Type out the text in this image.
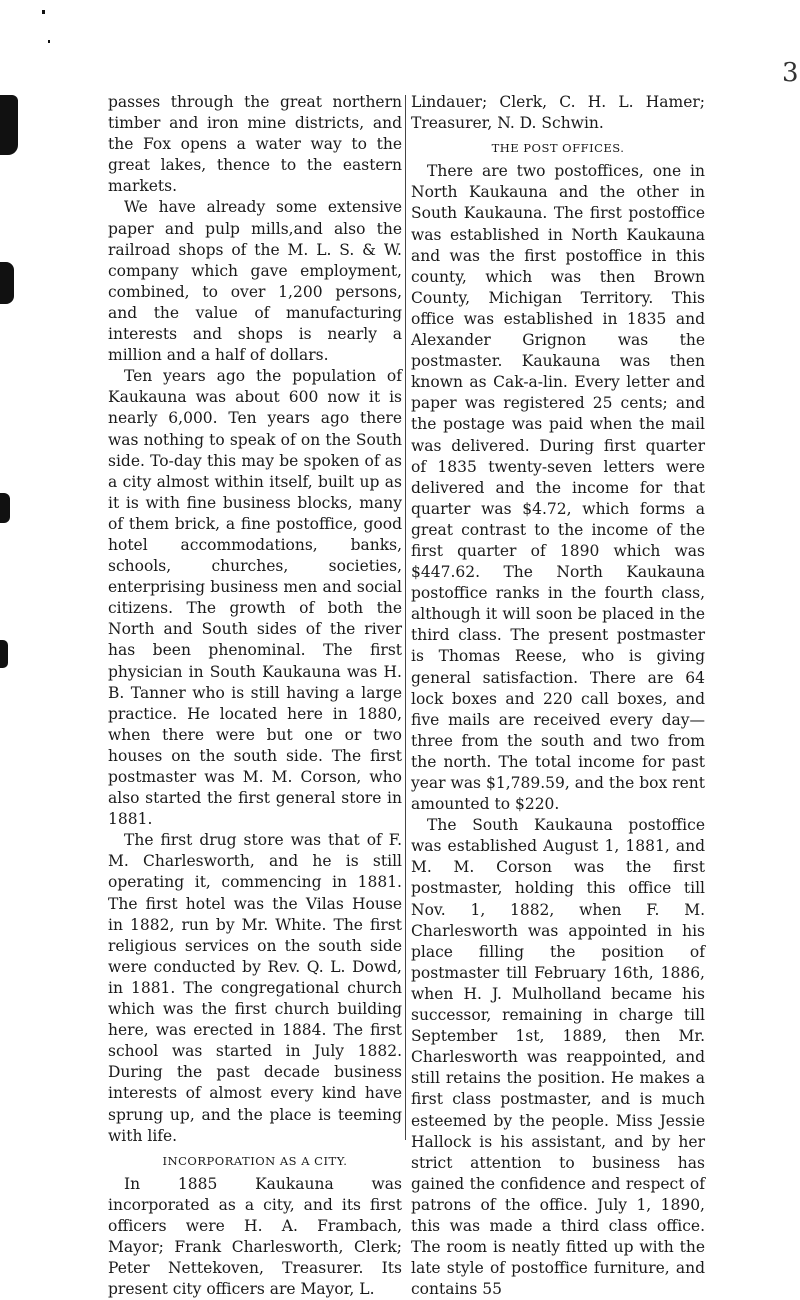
3

passes through the great northern timber and iron mine districts, and the Fox opens a water way to the great lakes, thence to the eastern markets.

We have already some extensive paper and pulp mills,and also the railroad shops of the M. L. S. & W. company which gave employment, combined, to over 1,200 persons, and the value of manufacturing interests and shops is nearly a million and a half of dollars.

Ten years ago the population of Kaukauna was about 600 now it is nearly 6,000. Ten years ago there was nothing to speak of on the South side. To-day this may be spoken of as a city almost within itself, built up as it is with fine business blocks, many of them brick, a fine postoffice, good hotel accommodations, banks, schools, churches, societies, enterprising business men and social citizens. The growth of both the North and South sides of the river has been phenominal. The first physician in South Kaukauna was H. B. Tanner who is still having a large practice. He located here in 1880, when there were but one or two houses on the south side. The first postmaster was M. M. Corson, who also started the first general store in 1881.

The first drug store was that of F. M. Charlesworth, and he is still operating it, commencing in 1881. The first hotel was the Vilas House in 1882, run by Mr. White. The first religious services on the south side were conducted by Rev. Q. L. Dowd, in 1881. The congregational church which was the first church building here, was erected in 1884. The first school was started in July 1882. During the past decade business interests of almost every kind have sprung up, and the place is teeming with life.

INCORPORATION AS A CITY.

In 1885 Kaukauna was incorporated as a city, and its first officers were H. A. Frambach, Mayor; Frank Charlesworth, Clerk; Peter Nettekoven, Treasurer. Its present city officers are Mayor, L.

Lindauer; Clerk, C. H. L. Hamer; Treasurer, N. D. Schwin.

THE POST OFFICES.

There are two postoffices, one in North Kaukauna and the other in South Kaukauna. The first postoffice was established in North Kaukauna and was the first postoffice in this county, which was then Brown County, Michigan Territory. This office was established in 1835 and Alexander Grignon was the postmaster. Kaukauna was then known as Cak-a-lin. Every letter and paper was registered 25 cents; and the postage was paid when the mail was delivered. During first quarter of 1835 twenty-seven letters were delivered and the income for that quarter was $4.72, which forms a great contrast to the income of the first quarter of 1890 which was $447.62. The North Kaukauna postoffice ranks in the fourth class, although it will soon be placed in the third class. The present postmaster is Thomas Reese, who is giving general satisfaction. There are 64 lock boxes and 220 call boxes, and five mails are received every day—three from the south and two from the north. The total income for past year was $1,789.59, and the box rent amounted to $220.

The South Kaukauna postoffice was established August 1, 1881, and M. M. Corson was the first postmaster, holding this office till Nov. 1, 1882, when F. M. Charlesworth was appointed in his place filling the position of postmaster till February 16th, 1886, when H. J. Mulholland became his successor, remaining in charge till September 1st, 1889, then Mr. Charlesworth was reappointed, and still retains the position. He makes a first class postmaster, and is much esteemed by the people. Miss Jessie Hallock is his assistant, and by her strict attention to business has gained the confidence and respect of patrons of the office. July 1, 1890, this was made a third class office. The room is neatly fitted up with the late style of postoffice furniture, and contains 55
